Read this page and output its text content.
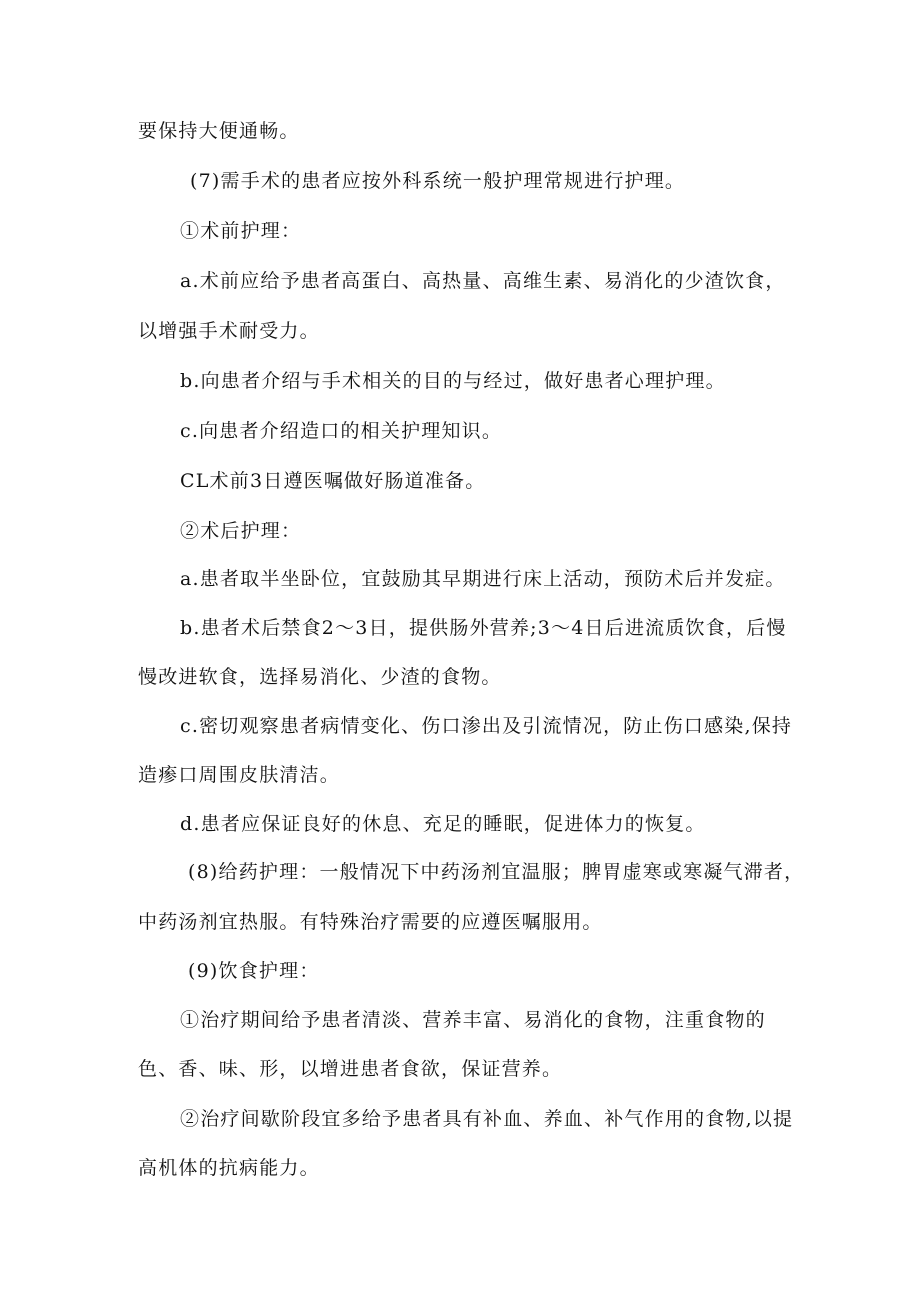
要保持大便通畅。
(7)需手术的患者应按外科系统一般护理常规进行护理。
①术前护理：
a.术前应给予患者高蛋白、高热量、高维生素、易消化的少渣饮食，
以增强手术耐受力。
b.向患者介绍与手术相关的目的与经过，做好患者心理护理。
c.向患者介绍造口的相关护理知识。
CL术前3日遵医嘱做好肠道准备。
②术后护理：
a.患者取半坐卧位，宜鼓励其早期进行床上活动，预防术后并发症。
b.患者术后禁食2～3日，提供肠外营养;3～4日后进流质饮食，后慢
慢改进软食，选择易消化、少渣的食物。
c.密切观察患者病情变化、伤口渗出及引流情况，防止伤口感染,保持
造瘆口周围皮肤清洁。
d.患者应保证良好的休息、充足的睡眠，促进体力的恢复。
(8)给药护理：一般情况下中药汤剂宜温服；脾胃虚寒或寒凝气滞者，
中药汤剂宜热服。有特殊治疗需要的应遵医嘱服用。
(9)饮食护理：
①治疗期间给予患者清淡、营养丰富、易消化的食物，注重食物的
色、香、味、形，以增进患者食欲，保证营养。
②治疗间歇阶段宜多给予患者具有补血、养血、补气作用的食物,以提
高机体的抗病能力。
